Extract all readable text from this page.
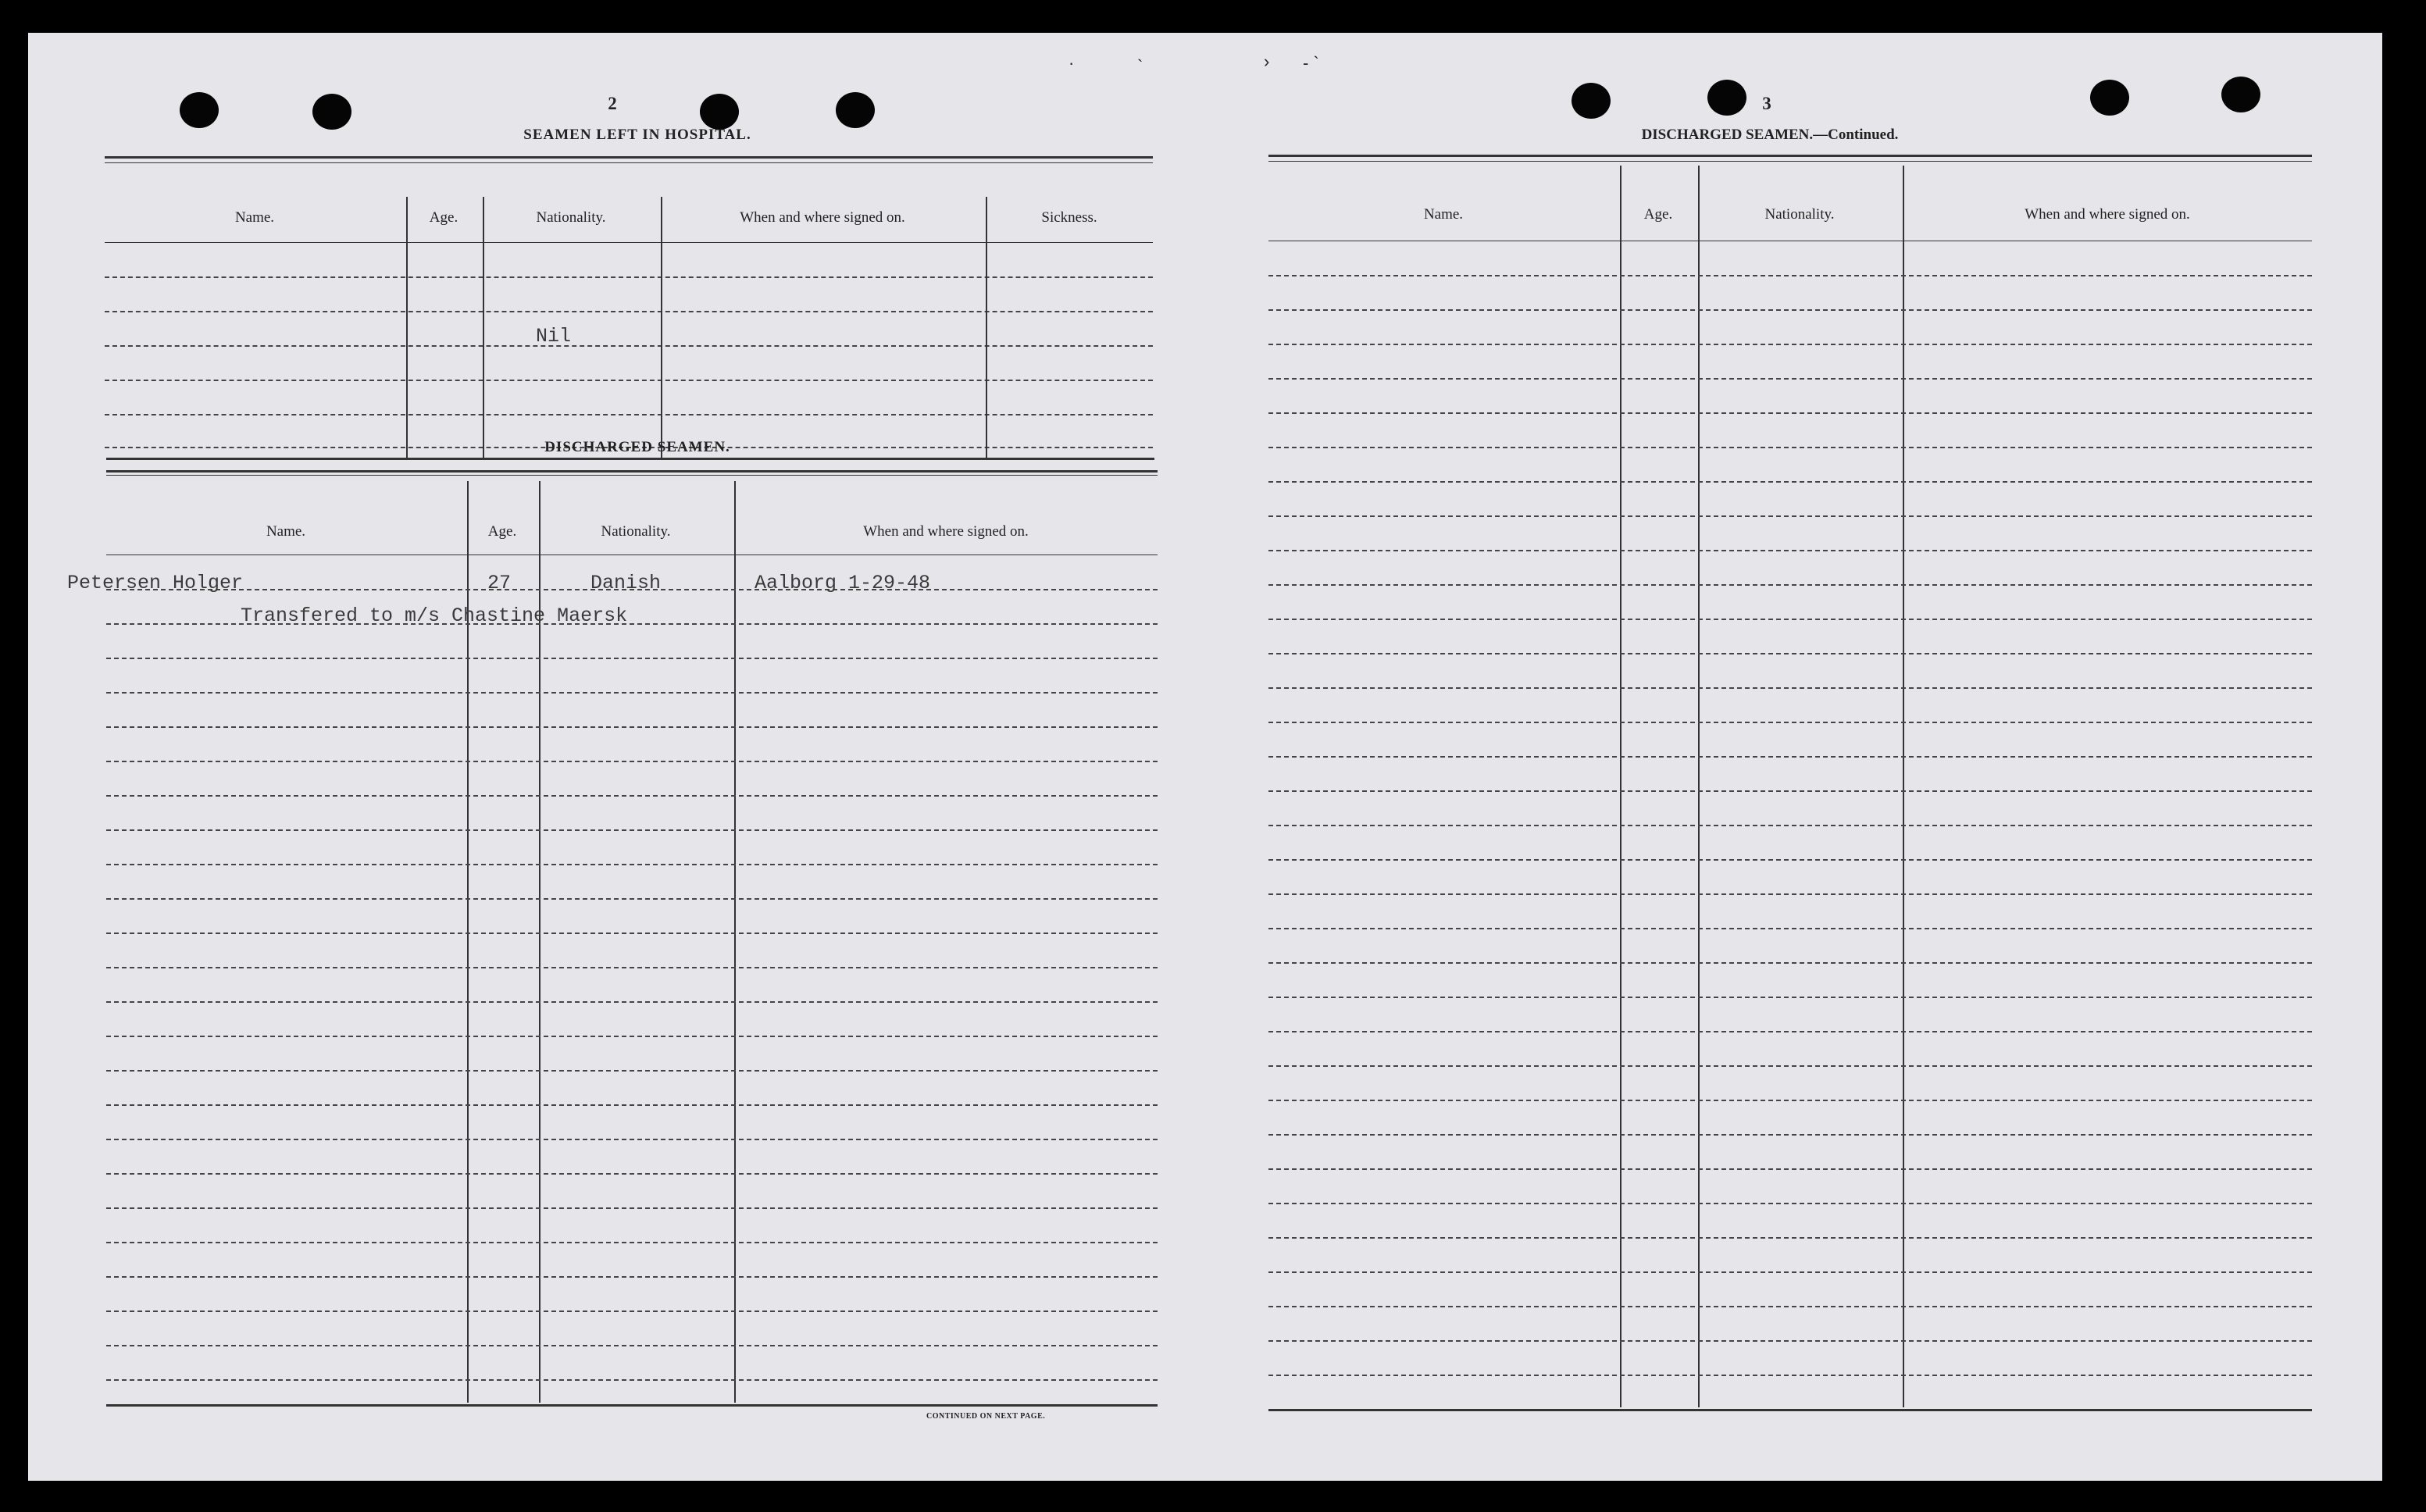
·	`	› - `
2
SEAMEN LEFT IN HOSPITAL.
Name.	Age.	Nationality.	When and where signed on.	Sickness.
Nil
DISCHARGED SEAMEN.
Name.	Age.	Nationality.	When and where signed on.
Petersen Holger	27	Danish	Aalborg 1-29-48
Transfered to m/s Chastine Maersk
CONTINUED ON NEXT PAGE.
3
DISCHARGED SEAMEN.—Continued.
Name.	Age.	Nationality.	When and where signed on.
